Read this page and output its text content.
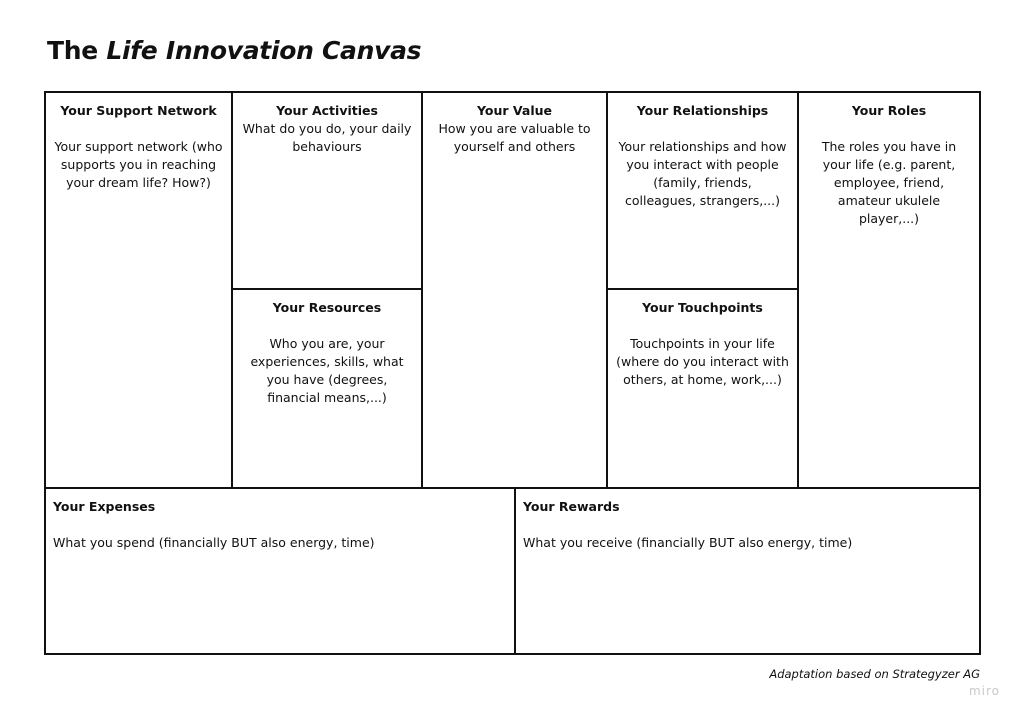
The Life Innovation Canvas
Your Support Network

Your support network (who supports you in reaching your dream life? How?)

Your Activities

What do you do, your daily behaviours

Your Resources

Who you are, your experiences, skills, what you have (degrees, financial means,...)

Your Value

How you are valuable to yourself and others

Your Relationships

Your relationships and how you interact with people (family, friends, colleagues, strangers,...)

Your Touchpoints

Touchpoints in your life (where do you interact with others, at home, work,...)

Your Roles

The roles you have in your life (e.g. parent, employee, friend, amateur ukulele player,...)

Your Expenses

What you spend (financially BUT also energy, time)

Your Rewards

What you receive (financially BUT also energy, time)

Adaptation based on Strategyzer AG
miro
